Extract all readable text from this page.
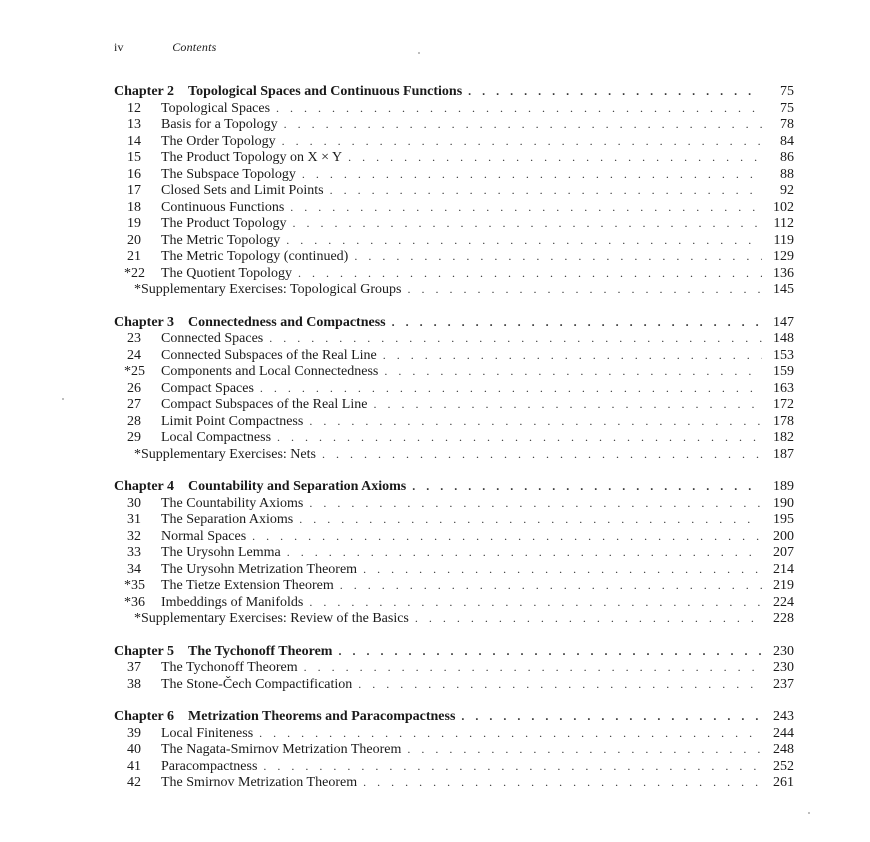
iv	Contents
Chapter 2 Topological Spaces and Continuous Functions . . .	75
12	Topological Spaces . . .	75
13	Basis for a Topology . . .	78
14	The Order Topology . . .	84
15	The Product Topology on X × Y . . .	86
16	The Subspace Topology . . .	88
17	Closed Sets and Limit Points . . .	92
18	Continuous Functions . . .	102
19	The Product Topology . . .	112
20	The Metric Topology . . .	119
21	The Metric Topology (continued) . . .	129
*22	The Quotient Topology . . .	136
*Supplementary Exercises: Topological Groups . . .	145
Chapter 3 Connectedness and Compactness . . .	147
23	Connected Spaces . . .	148
24	Connected Subspaces of the Real Line . . .	153
*25	Components and Local Connectedness . . .	159
26	Compact Spaces . . .	163
27	Compact Subspaces of the Real Line . . .	172
28	Limit Point Compactness . . .	178
29	Local Compactness . . .	182
*Supplementary Exercises: Nets . . .	187
Chapter 4 Countability and Separation Axioms . . .	189
30	The Countability Axioms . . .	190
31	The Separation Axioms . . .	195
32	Normal Spaces . . .	200
33	The Urysohn Lemma . . .	207
34	The Urysohn Metrization Theorem . . .	214
*35	The Tietze Extension Theorem . . .	219
*36	Imbeddings of Manifolds . . .	224
*Supplementary Exercises: Review of the Basics . . .	228
Chapter 5 The Tychonoff Theorem . . .	230
37	The Tychonoff Theorem . . .	230
38	The Stone-Čech Compactification . . .	237
Chapter 6 Metrization Theorems and Paracompactness . . .	243
39	Local Finiteness . . .	244
40	The Nagata-Smirnov Metrization Theorem . . .	248
41	Paracompactness . . .	252
42	The Smirnov Metrization Theorem . . .	261
